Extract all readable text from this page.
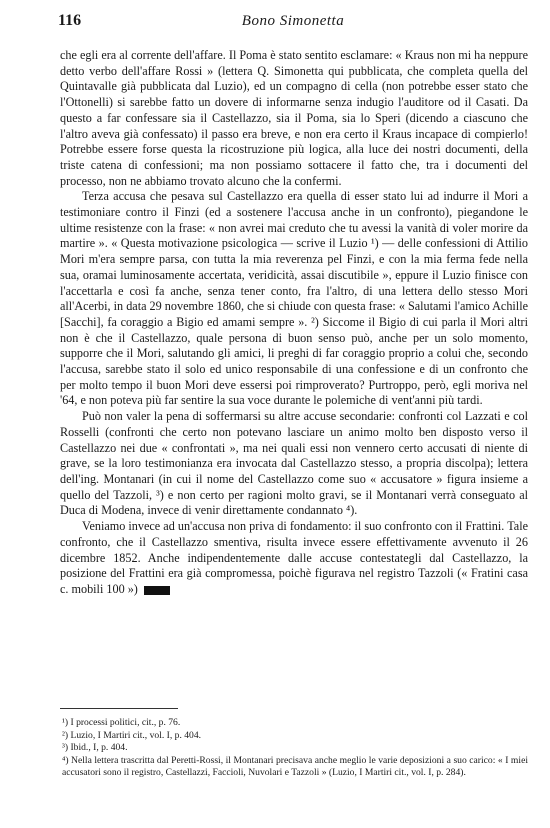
116	Bono Simonetta

che egli era al corrente dell'affare. Il Poma è stato sentito esclamare: « Kraus non mi ha neppure detto verbo dell'affare Rossi » (lettera Q. Simonetta qui pubblicata, che completa quella del Quintavalle già pubblicata dal Luzio), ed un compagno di cella (non potrebbe esser stato che l'Ottonelli) si sarebbe fatto un dovere di informarne senza indugio l'auditore od il Casati. Da questo a far confessare sia il Castellazzo, sia il Poma, sia lo Speri (dicendo a ciascuno che l'altro aveva già confessato) il passo era breve, e non era certo il Kraus incapace di compierlo! Potrebbe essere forse questa la ricostruzione più logica, alla luce dei nostri documenti, della triste catena di confessioni; ma non possiamo sottacere il fatto che, tra i documenti del processo, non ne abbiamo trovato alcuno che la confermi.

Terza accusa che pesava sul Castellazzo era quella di esser stato lui ad indurre il Mori a testimoniare contro il Finzi (ed a sostenere l'accusa anche in un confronto), piegandone le ultime resistenze con la frase: « non avrei mai creduto che tu avessi la vanità di voler morire da martire ». « Questa motivazione psicologica — scrive il Luzio ¹) — delle confessioni di Attilio Mori m'era sempre parsa, con tutta la mia reverenza pel Finzi, e con la mia ferma fede nella sua, oramai luminosamente accertata, veridicità, assai discutibile », eppure il Luzio finisce con l'accettarla e così fa anche, senza tener conto, fra l'altro, di una lettera dello stesso Mori all'Acerbi, in data 29 novembre 1860, che si chiude con questa frase: « Salutami l'amico Achille [Sacchi], fa coraggio a Bigio ed amami sempre ». ²) Siccome il Bigio di cui parla il Mori altri non è che il Castellazzo, quale persona di buon senso può, anche per un solo momento, supporre che il Mori, salutando gli amici, li preghi di far coraggio proprio a colui che, secondo l'accusa, sarebbe stato il solo ed unico responsabile di una confessione e di un confronto che per molto tempo il buon Mori deve essersi poi rimproverato? Purtroppo, però, egli moriva nel '64, e non poteva più far sentire la sua voce durante le polemiche di vent'anni più tardi.

Può non valer la pena di soffermarsi su altre accuse secondarie: confronti col Lazzati e col Rosselli (confronti che certo non potevano lasciare un animo molto ben disposto verso il Castellazzo nei due « confrontati », ma nei quali essi non vennero certo accusati di niente di grave, se la loro testimonianza era invocata dal Castellazzo stesso, a propria discolpa); lettera dell'ing. Montanari (in cui il nome del Castellazzo come suo « accusatore » figura insieme a quello del Tazzoli, ³) e non certo per ragioni molto gravi, se il Montanari verrà conseguato al Duca di Modena, invece di venir direttamente condannato ⁴).

Veniamo invece ad un'accusa non priva di fondamento: il suo confronto con il Frattini. Tale confronto, che il Castellazzo smentiva, risulta invece essere effettivamente avvenuto il 26 dicembre 1852. Anche indipendentemente dalle accuse contestategli dal Castellazzo, la posizione del Frattini era già compromessa, poichè figurava nel registro Tazzoli (« Fratini casa c. mobili 100 »)

¹) I processi politici, cit., p. 76.

²) Luzio, I Martiri cit., vol. I, p. 404.

³) Ibid., I, p. 404.

⁴) Nella lettera trascritta dal Peretti-Rossi, il Montanari precisava anche meglio le varie deposizioni a suo carico: « I miei accusatori sono il registro, Castellazzi, Faccioli, Nuvolari e Tazzoli » (Luzio, I Martiri cit., vol. I, p. 284).
